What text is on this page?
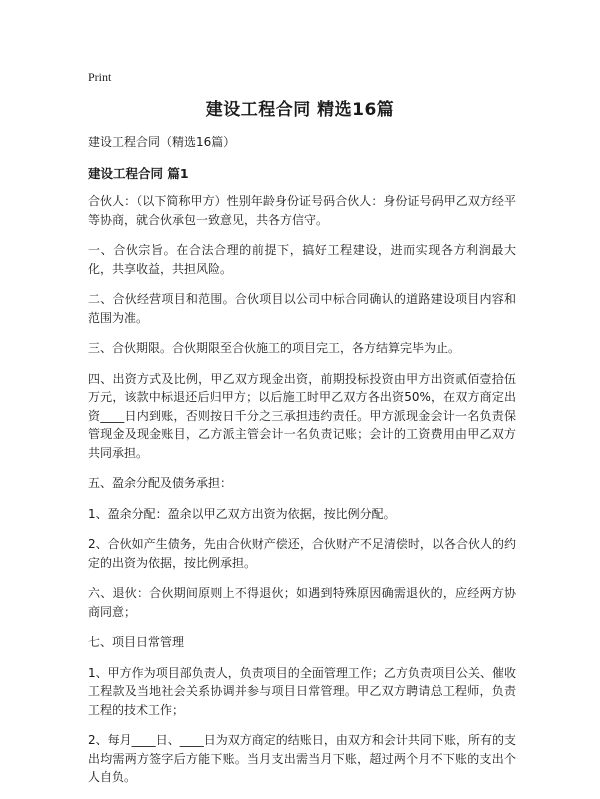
Print
建设工程合同 精选16篇

建设工程合同（精选16篇）

建设工程合同 篇1

合伙人：（以下简称甲方）性别年龄身份证号码合伙人：身份证号码甲乙双方经平等协商，就合伙承包一致意见，共各方信守。

一、合伙宗旨。在合法合理的前提下，搞好工程建设，进而实现各方利润最大化，共享收益，共担风险。

二、合伙经营项目和范围。合伙项目以公司中标合同确认的道路建设项目内容和范围为准。

三、合伙期限。合伙期限至合伙施工的项目完工，各方结算完毕为止。

四、出资方式及比例，甲乙双方现金出资，前期投标投资由甲方出资贰佰壹拾伍万元，该款中标退还后归甲方；以后施工时甲乙双方各出资50%，在双方商定出资____日内到账，否则按日千分之三承担违约责任。甲方派现金会计一名负责保管现金及现金账目，乙方派主管会计一名负责记账；会计的工资费用由甲乙双方共同承担。

五、盈余分配及债务承担：

1、盈余分配：盈余以甲乙双方出资为依据，按比例分配。

2、合伙如产生债务，先由合伙财产偿还，合伙财产不足清偿时，以各合伙人的约定的出资为依据，按比例承担。

六、退伙：合伙期间原则上不得退伙；如遇到特殊原因确需退伙的，应经两方协商同意；

七、项目日常管理

1、甲方作为项目部负责人，负责项目的全面管理工作；乙方负责项目公关、催收工程款及当地社会关系协调并参与项目日常管理。甲乙双方聘请总工程师，负责工程的技术工作；

2、每月____日、____日为双方商定的结账日，由双方和会计共同下账，所有的支出均需两方签字后方能下账。当月支出需当月下账，超过两个月不下账的支出个人自负。
